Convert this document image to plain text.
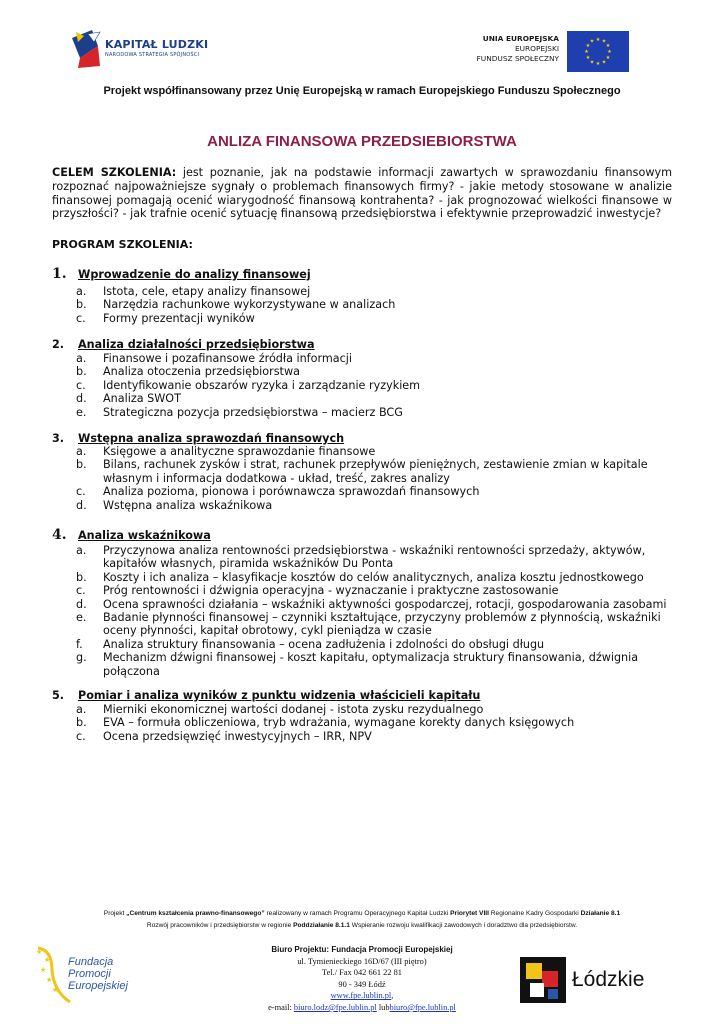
KAPITAŁ LUDZKI
NARODOWA STRATEGIA SPÓJNOŚCI
UNIA EUROPEJSKA
EUROPEJSKI
FUNDUSZ SPOŁECZNY
★ ★
★
★
★
★
★
★
★
★
★
★
Projekt współfinansowany przez Unię Europejską w ramach Europejskiego Funduszu Społecznego
ANLIZA FINANSOWA PRZEDSIEBIORSTWA
CELEM SZKOLENIA: jest poznanie, jak na podstawie informacji zawartych w sprawozdaniu finansowym rozpoznać najpoważniejsze sygnały o problemach finansowych firmy? - jakie metody stosowane w analizie finansowej pomagają ocenić wiarygodność finansową kontrahenta? - jak prognozować wielkości finansowe w przyszłości? - jak trafnie ocenić sytuację finansową przedsiębiorstwa i efektywnie przeprowadzić inwestycje?
PROGRAM SZKOLENIA:
1. Wprowadzenie do analizy finansowej
a. Istota, cele, etapy analizy finansowej
b. Narzędzia rachunkowe wykorzystywane w analizach
c. Formy prezentacji wyników
2. Analiza działalności przedsiębiorstwa
a. Finansowe i pozafinansowe źródła informacji
b. Analiza otoczenia przedsiębiorstwa
c. Identyfikowanie obszarów ryzyka i zarządzanie ryzykiem
d. Analiza SWOT
e. Strategiczna pozycja przedsiębiorstwa – macierz BCG
3. Wstępna analiza sprawozdań finansowych
a. Księgowe a analityczne sprawozdanie finansowe
b. Bilans, rachunek zysków i strat, rachunek przepływów pieniężnych, zestawienie zmian w kapitale własnym i informacja dodatkowa - układ, treść, zakres analizy
c. Analiza pozioma, pionowa i porównawcza sprawozdań finansowych
d. Wstępna analiza wskaźnikowa
4. Analiza wskaźnikowa
a. Przyczynowa analiza rentowności przedsiębiorstwa - wskaźniki rentowności sprzedaży, aktywów, kapitałów własnych, piramida wskaźników Du Ponta
b. Koszty i ich analiza – klasyfikacje kosztów do celów analitycznych, analiza kosztu jednostkowego
c. Próg rentowności i dźwignia operacyjna - wyznaczanie i praktyczne zastosowanie
d. Ocena sprawności działania – wskaźniki aktywności gospodarczej, rotacji, gospodarowania zasobami
e. Badanie płynności finansowej – czynniki kształtujące, przyczyny problemów z płynnością, wskaźniki oceny płynności, kapitał obrotowy, cykl pieniądza w czasie
f. Analiza struktury finansowania – ocena zadłużenia i zdolności do obsługi długu
g. Mechanizm dźwigni finansowej - koszt kapitału, optymalizacja struktury finansowania, dźwignia połączona
5. Pomiar i analiza wyników z punktu widzenia właścicieli kapitału
a. Mierniki ekonomicznej wartości dodanej - istota zysku rezydualnego
b. EVA – formuła obliczeniowa, tryb wdrażania, wymagane korekty danych księgowych
c. Ocena przedsięwzięć inwestycyjnych – IRR, NPV
Projekt „Centrum kształcenia prawno-finansowego” realizowany w ramach Programu Operacyjnego Kapitał Ludzki Priorytet VIII Regionalne Kadry Gospodarki Działanie 8.1
Rozwój pracowników i przedsiębiorstw w regionie Poddziałanie 8.1.1 Wspieranie rozwoju kwalifikacji zawodowych i doradztwo dla przedsiębiorstw.
★
★
★
★
★
Fundacja
Promocji
Europejskiej
Biuro Projektu: Fundacja Promocji Europejskiej
ul. Tymienieckiego 16D/67 (III piętro)
Tel./ Fax 042 661 22 81
90 - 349 Łódź
www.fpe.lublin.pl,
e-mail: biuro.lodz@fpe.lublin.pl lubbiuro@fpe.lublin.pl
Łódzkie
